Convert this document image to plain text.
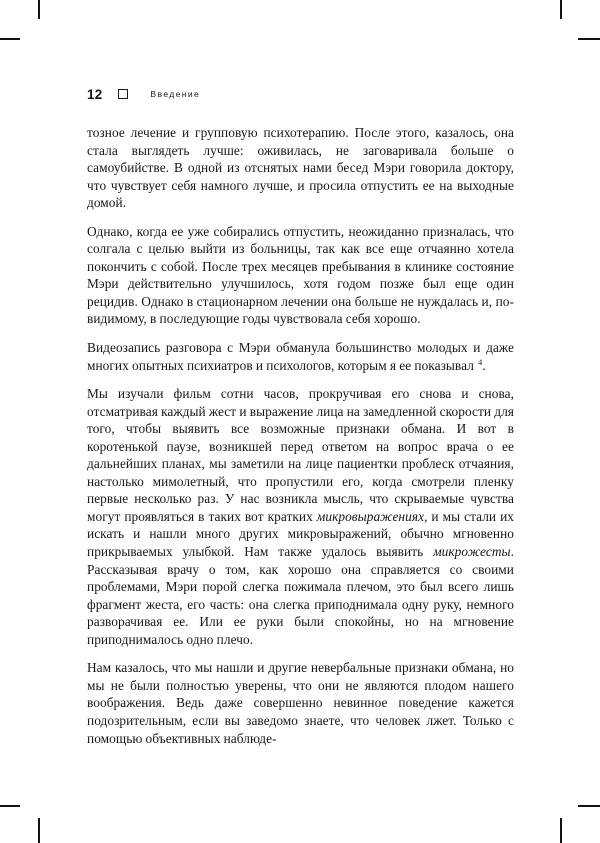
12	Введение

тозное лечение и групповую психотерапию. После этого, казалось, она стала выглядеть лучше: оживилась, не заговаривала больше о самоубийстве. В одной из отснятых нами бесед Мэри говорила доктору, что чувствует себя намного лучше, и просила отпустить ее на выходные домой.

Однако, когда ее уже собирались отпустить, неожиданно признaлась, что солгала с целью выйти из больницы, так как все еще отчаянно хотела покончить с собой. После трех месяцев пребывания в клинике состояние Мэри действительно улучшилось, хотя годом позже был еще один рецидив. Однако в стационарном лечении она больше не нуждалась и, по-видимому, в последующие годы чувствовала себя хорошо.

Видеозапись разговора с Мэри обманула большинство молодых и даже многих опытных психиатров и психологов, которым я ее показывал $^4$.

Мы изучали фильм сотни часов, прокручивая его снова и снова, отсматривая каждый жест и выражение лица на замедленной скорости для того, чтобы выявить все возможные признаки обмана. И вот в коротенькой паузе, возникшей перед ответом на вопрос врача о ее дальнейших планах, мы заметили на лице пациентки проблеск отчаяния, настолько мимолетный, что пропустили его, когда смотрели пленку первые несколько раз. У нас возникла мысль, что скрываемые чувства могут проявляться в таких вот кратких микровыражениях, и мы стали их искать и нашли много других микровыражений, обычно мгновенно прикрываемых улыбкой. Нам также удалось выявить микрожесты. Рассказывая врачу о том, как хорошо она справляется со своими проблемами, Мэри порой слегка пожимала плечом, это был всего лишь фрагмент жеста, его часть: она слегка приподнимала одну руку, немного разворачивая ее. Или ее руки были спокойны, но на мгновение приподнималось одно плечо.

Нам казалось, что мы нашли и другие невербальные признаки обмана, но мы не были полностью уверены, что они не являются плодом нашего воображения. Ведь даже совершенно невинное поведение кажется подозрительным, если вы заведомо знаете, что человек лжет. Только с помощью объективных наблюде-
